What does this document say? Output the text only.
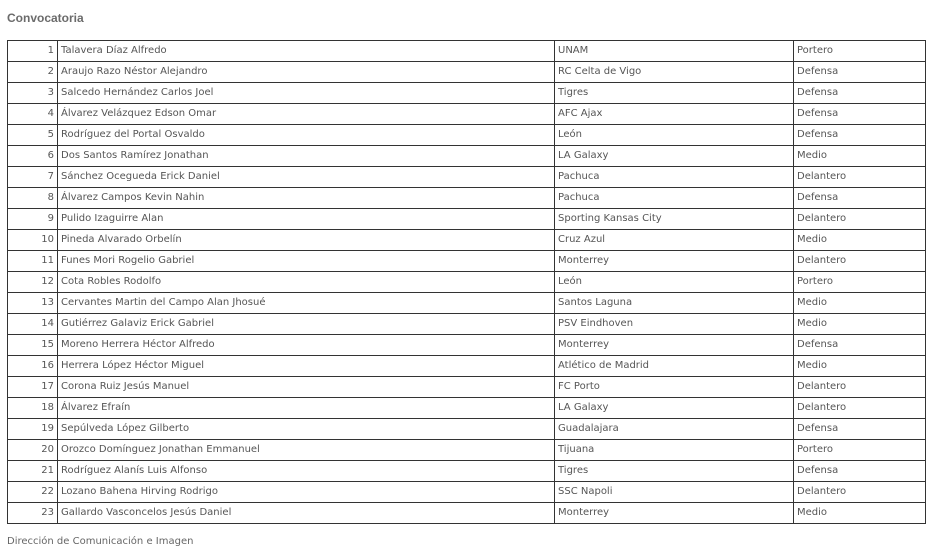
Convocatoria
1	Talavera Díaz Alfredo	UNAM	Portero
2	Araujo Razo Néstor Alejandro	RC Celta de Vigo	Defensa
3	Salcedo Hernández Carlos Joel	Tigres	Defensa
4	Álvarez Velázquez Edson Omar	AFC Ajax	Defensa
5	Rodríguez del Portal Osvaldo	León	Defensa
6	Dos Santos Ramírez Jonathan	LA Galaxy	Medio
7	Sánchez Ocegueda Erick Daniel	Pachuca	Delantero
8	Álvarez Campos Kevin Nahin	Pachuca	Defensa
9	Pulido Izaguirre Alan	Sporting Kansas City	Delantero
10	Pineda Alvarado Orbelín	Cruz Azul	Medio
11	Funes Mori Rogelio Gabriel	Monterrey	Delantero
12	Cota Robles Rodolfo	León	Portero
13	Cervantes Martin del Campo Alan Jhosué	Santos Laguna	Medio
14	Gutiérrez Galaviz Erick Gabriel	PSV Eindhoven	Medio
15	Moreno Herrera Héctor Alfredo	Monterrey	Defensa
16	Herrera López Héctor Miguel	Atlético de Madrid	Medio
17	Corona Ruiz Jesús Manuel	FC Porto	Delantero
18	Álvarez Efraín	LA Galaxy	Delantero
19	Sepúlveda López Gilberto	Guadalajara	Defensa
20	Orozco Domínguez Jonathan Emmanuel	Tijuana	Portero
21	Rodríguez Alanís Luis Alfonso	Tigres	Defensa
22	Lozano Bahena Hirving Rodrigo	SSC Napoli	Delantero
23	Gallardo Vasconcelos Jesús Daniel	Monterrey	Medio

Dirección de Comunicación e Imagen
